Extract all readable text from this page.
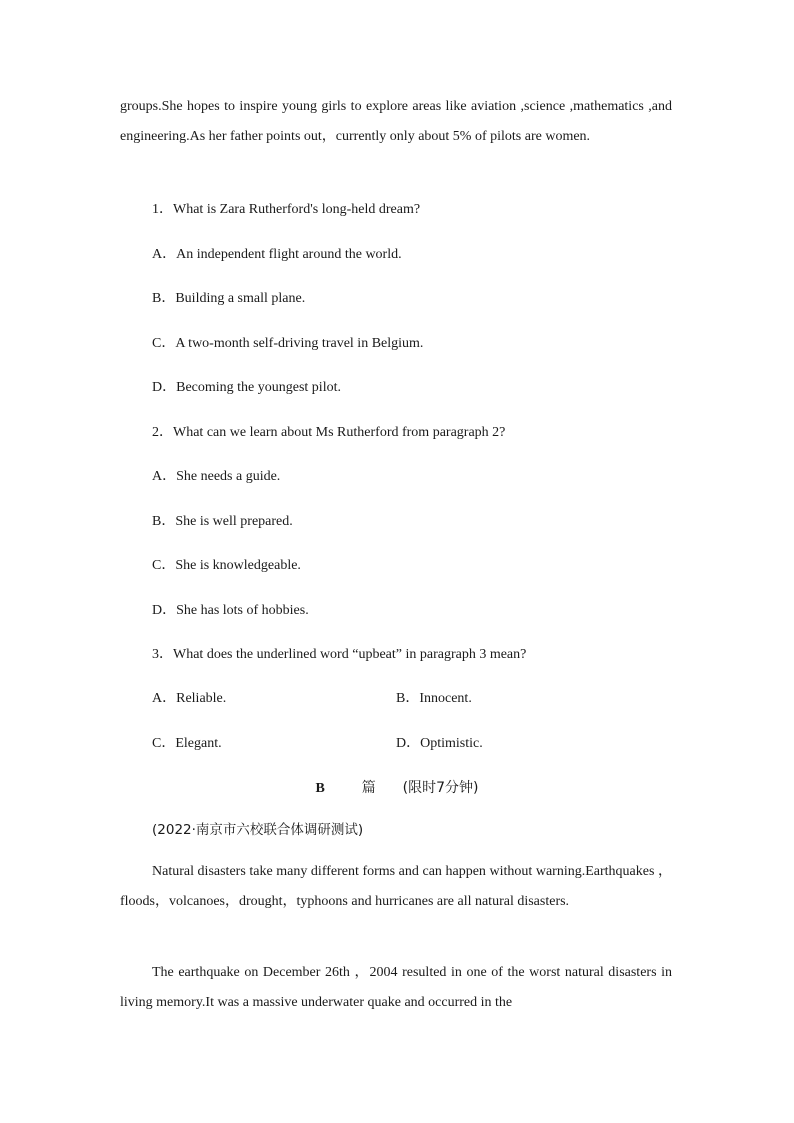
groups.She hopes to inspire young girls to explore areas like aviation ,science ,mathematics ,and engineering.As her father points out，currently only about 5% of pilots are women.

1．What is Zara Rutherford's long-held dream?

A．An independent flight around the world.

B．Building a small plane.

C．A two-month self-driving travel in Belgium.

D．Becoming the youngest pilot.

2．What can we learn about Ms Rutherford from paragraph 2?

A．She needs a guide.

B．She is well prepared.

C．She is knowledgeable.

D．She has lots of hobbies.

3．What does the underlined word “upbeat” in paragraph 3 mean?

A．Reliable.	B．Innocent.

C．Elegant.	D．Optimistic.

B	篇 (限时7分钟)

(2022·南京市六校联合体调研测试)

Natural disasters take many different forms and can happen without warning.Earthquakes ，floods，volcanoes，drought，typhoons and hurricanes are all natural disasters.

The earthquake on December 26th ，2004 resulted in one of the worst natural disasters in living memory.It was a massive underwater quake and occurred in the
